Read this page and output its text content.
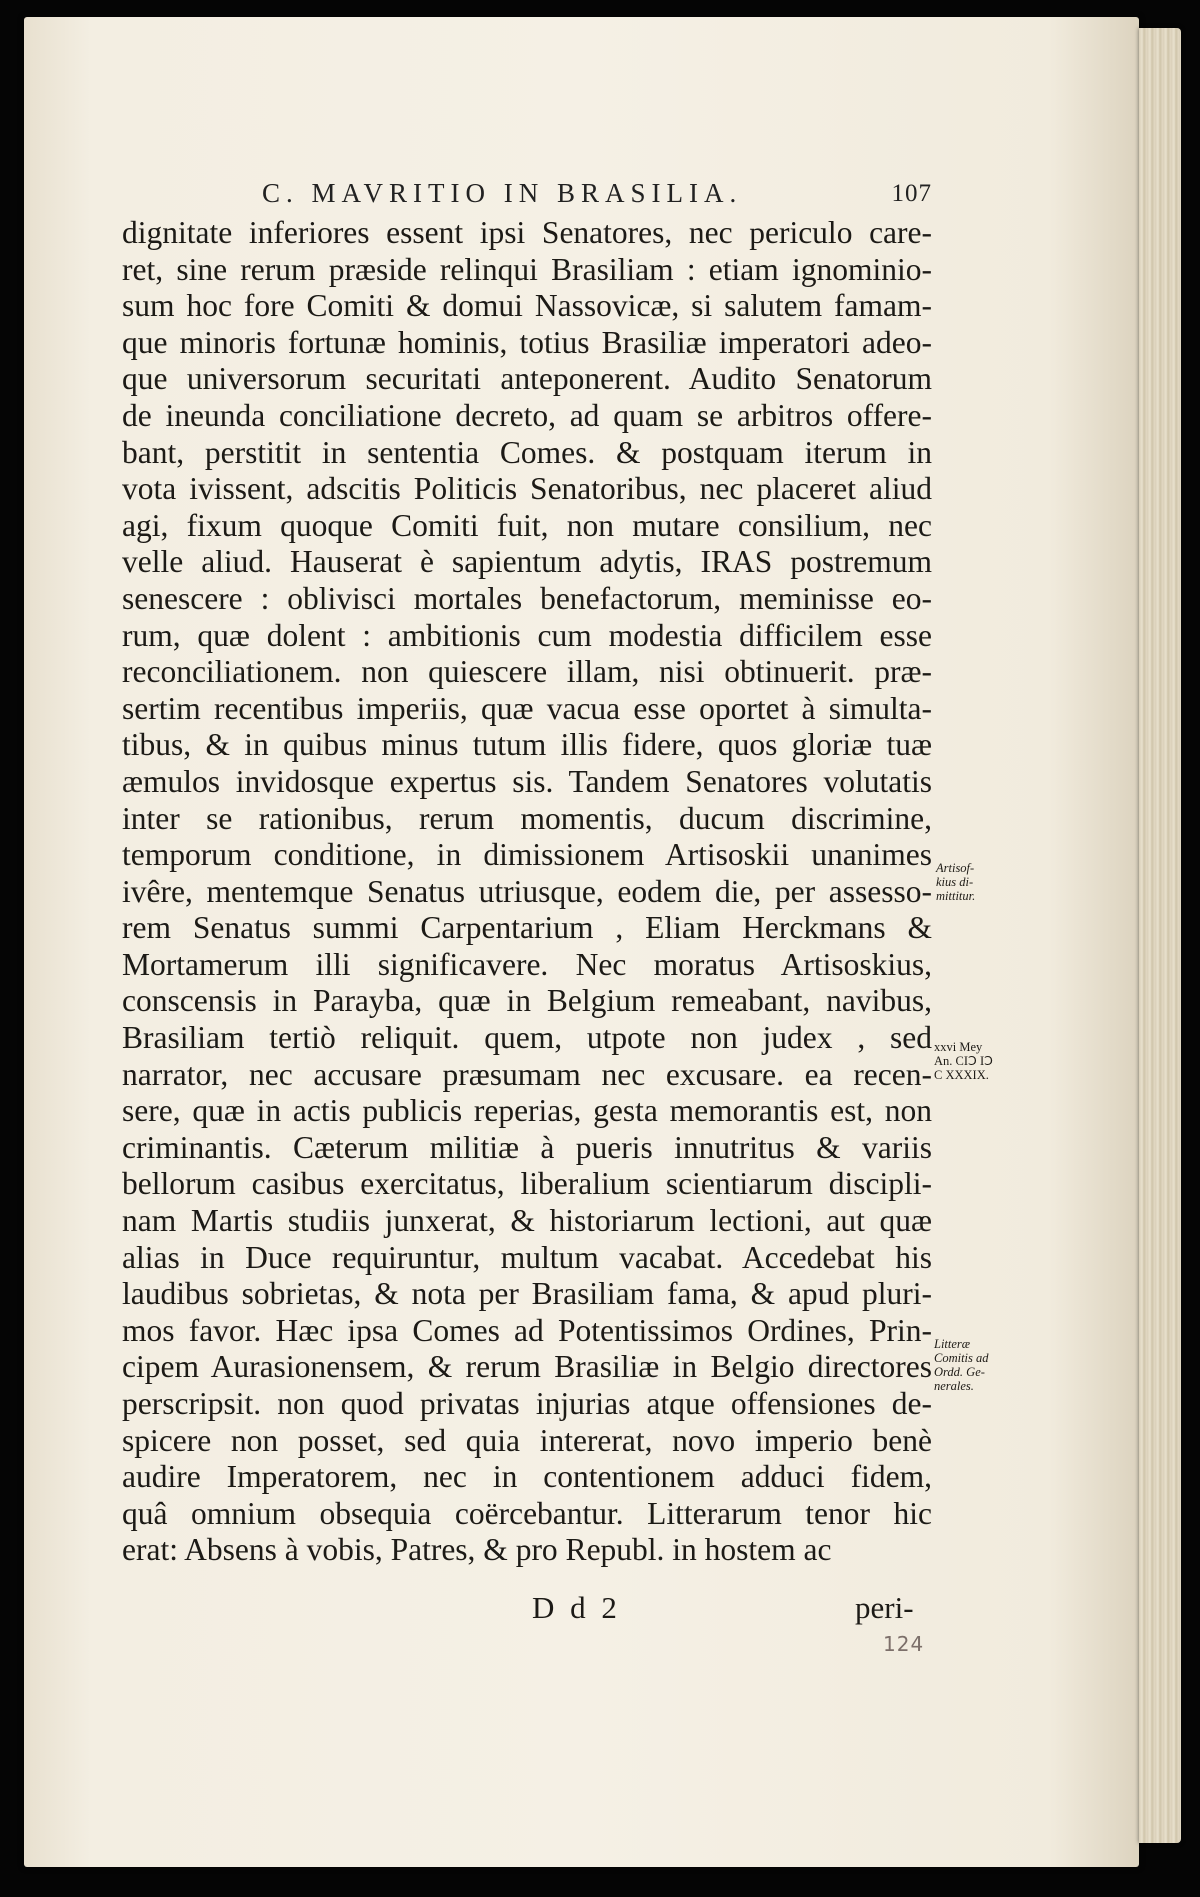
C. MAVRITIO IN BRASILIA.	107
dignitate inferiores essent ipsi Senatores, nec periculo care-
ret, sine rerum præside relinqui Brasiliam : etiam ignominio-
sum hoc fore Comiti & domui Nassovicæ, si salutem famam-
que minoris fortunæ hominis, totius Brasiliæ imperatori adeo-
que universorum securitati anteponerent. Audito Senatorum
de ineunda conciliatione decreto, ad quam se arbitros offere-
bant, perstitit in sententia Comes. & postquam iterum in
vota ivissent, adscitis Politicis Senatoribus, nec placeret aliud
agi, fixum quoque Comiti fuit, non mutare consilium, nec
velle aliud. Hauserat è sapientum adytis, IRAS postremum
senescere : oblivisci mortales benefactorum, meminisse eo-
rum, quæ dolent : ambitionis cum modestia difficilem esse
reconciliationem. non quiescere illam, nisi obtinuerit. præ-
sertim recentibus imperiis, quæ vacua esse oportet à simulta-
tibus, & in quibus minus tutum illis fidere, quos gloriæ tuæ
æmulos invidosque expertus sis. Tandem Senatores volutatis
inter se rationibus, rerum momentis, ducum discrimine,
temporum conditione, in dimissionem Artisoskii unanimes
ivêre, mentemque Senatus utriusque, eodem die, per assesso-
rem Senatus summi Carpentarium , Eliam Herckmans &
Mortamerum illi significavere. Nec moratus Artisoskius,
conscensis in Parayba, quæ in Belgium remeabant, navibus,
Brasiliam tertiò reliquit. quem, utpote non judex , sed
narrator, nec accusare præsumam nec excusare. ea recen-
sere, quæ in actis publicis reperias, gesta memorantis est, non
criminantis. Cæterum militiæ à pueris innutritus & variis
bellorum casibus exercitatus, liberalium scientiarum discipli-
nam Martis studiis junxerat, & historiarum lectioni, aut quæ
alias in Duce requiruntur, multum vacabat. Accedebat his
laudibus sobrietas, & nota per Brasiliam fama, & apud pluri-
mos favor. Hæc ipsa Comes ad Potentissimos Ordines, Prin-
cipem Aurasionensem, & rerum Brasiliæ in Belgio directores
perscripsit. non quod privatas injurias atque offensiones de-
spicere non posset, sed quia intererat, novo imperio benè
audire Imperatorem, nec in contentionem adduci fidem,
quâ omnium obsequia coërcebantur. Litterarum tenor hic
erat: Absens à vobis, Patres, & pro Republ. in hostem ac
Artisof-
kius di-
mittitur.
xxvi Mey
An. CIↃ IↃ
C XXXIX.
Litteræ
Comitis ad
Ordd. Ge-
nerales.
D d 2	peri-
124
